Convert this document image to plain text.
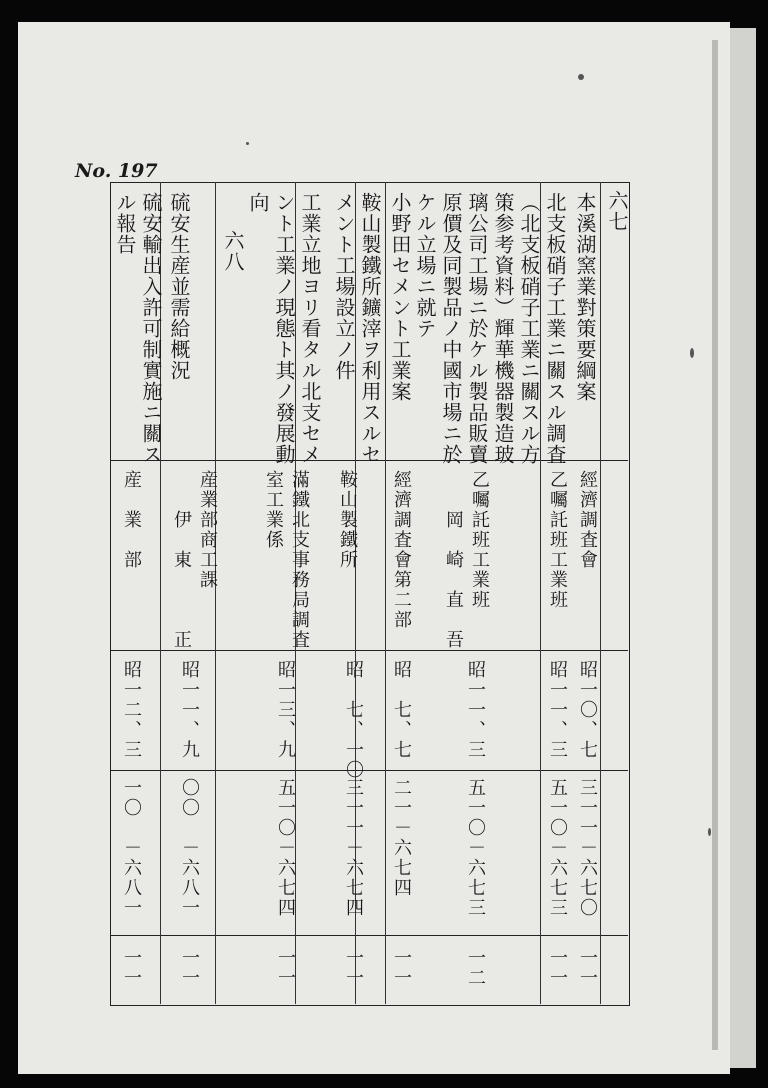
No. 197
六七
六八	本溪湖窯業對策要綱案
北支板硝子工業ニ關スル調査
（北支板硝子工業ニ關スル方
策参考資料）輝華機器製造玻
璃公司工場ニ於ケル製品販賣
原價及同製品ノ中國市場ニ於
ケル立場ニ就テ
小野田セメント工業案
鞍山製鐵所鑛滓ヲ利用スルセ
メント工場設立ノ件
工業立地ヨリ看タル北支セメ
ント工業ノ現態ト其ノ發展動
向
硫安生産並需給概況
硫安輸出入許可制實施ニ關ス
ル報告
經濟調査會
乙囑託班工業班
乙囑託班工業班
　　岡　崎　直　吾
經濟調査會第二部
鞍山製鐵所
滿鐵北支事務局調査
室工業係
産業部商工課
　　伊　東　　　正
産　業　部
昭一〇、七
昭一一、三
昭一一、三
昭　七、七
昭　七、一〇
昭一三、九
昭一一、九
昭一二、三
三一一－六七〇
五一〇－六七三
五一〇－六七三
二一－六七四
三一一－六七四
五一〇－六七四
〇〇　－六八一
一〇　－六八一
一一
一一
一二
一一
一一
一一
一一
一一
